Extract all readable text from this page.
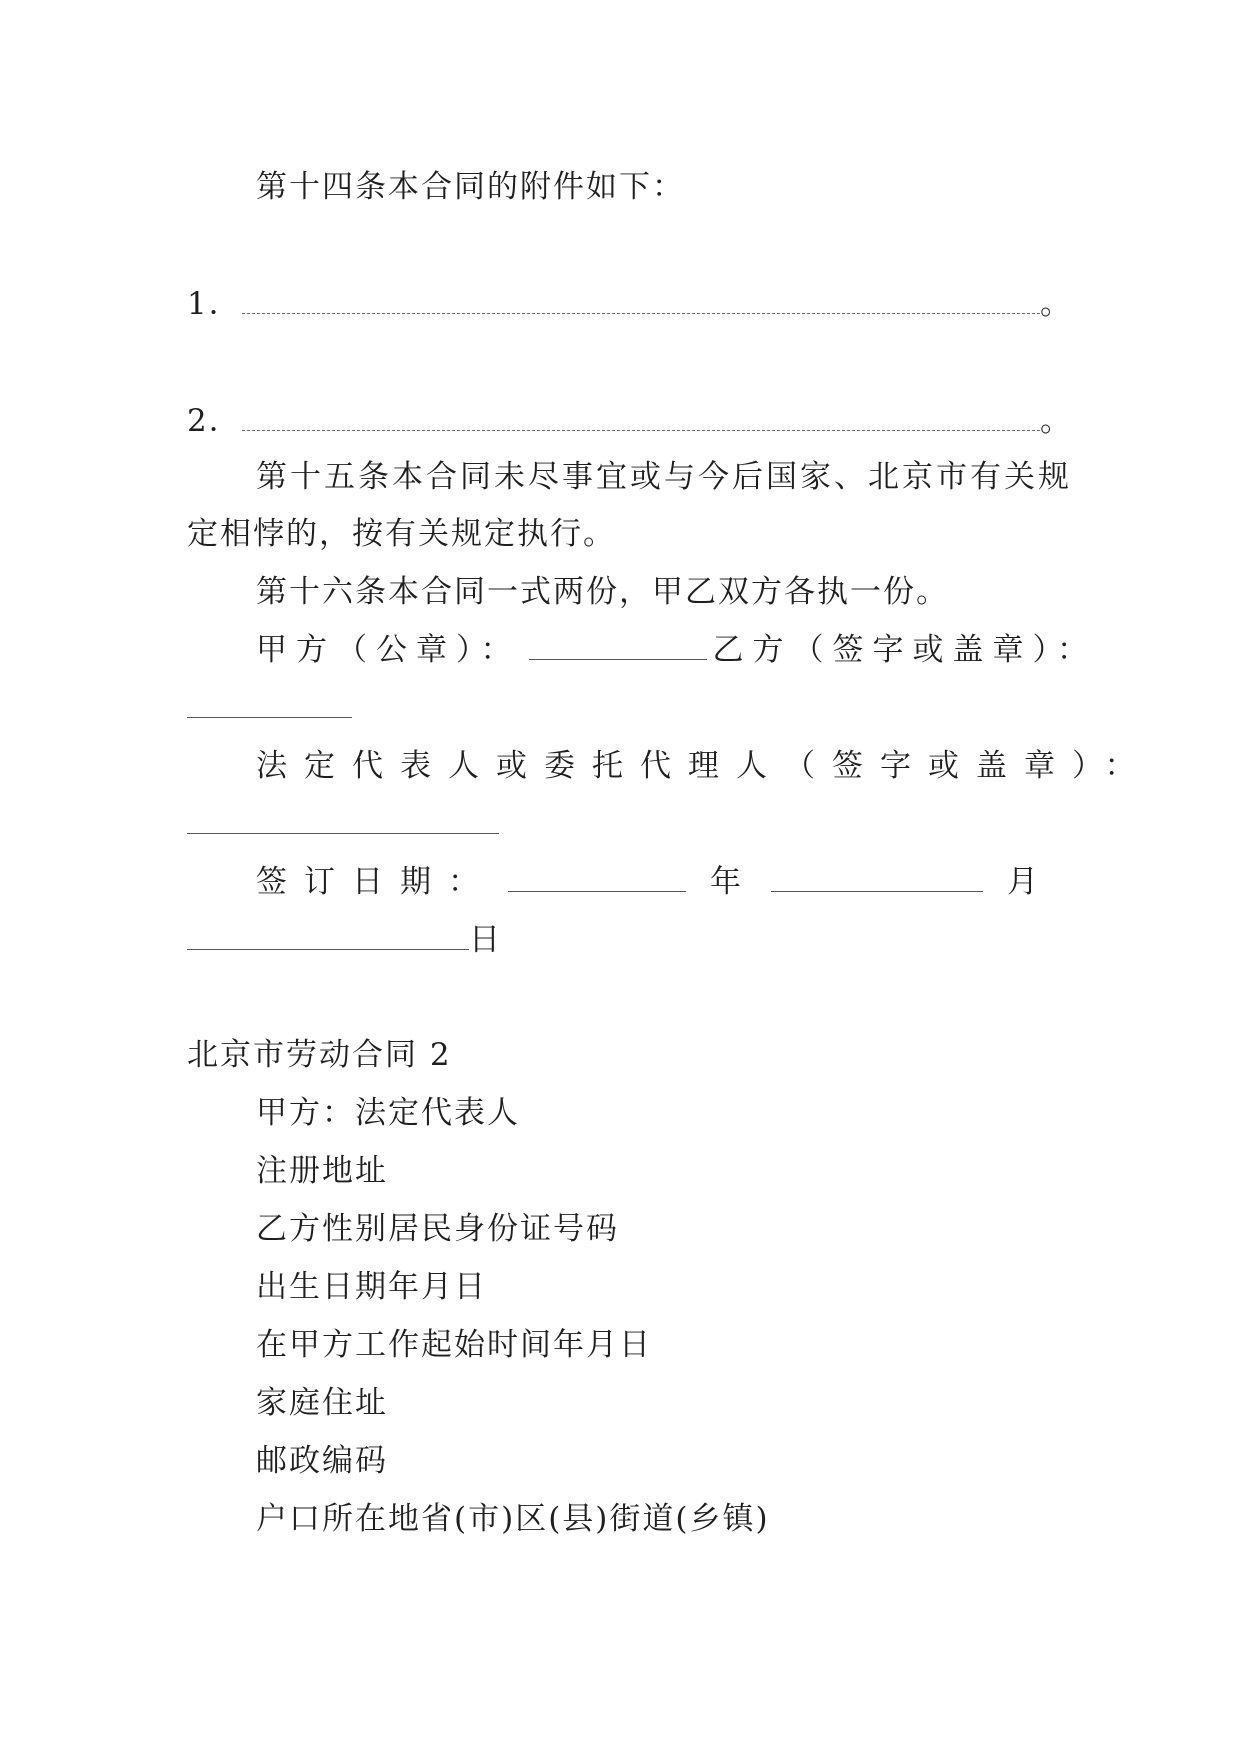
第十四条本合同的附件如下：
1．	。
2．	。
第十五条本合同未尽事宜或与今后国家、北京市有关规
定相悖的，按有关规定执行。
第十六条本合同一式两份，甲乙双方各执一份。
甲方（公章）：	乙方（签字或盖章）：
法定代表人或委托代理人（签字或盖章）：
签订日期：	年	月
日
北京市劳动合同 2
甲方：法定代表人
注册地址
乙方性别居民身份证号码
出生日期年月日
在甲方工作起始时间年月日
家庭住址
邮政编码
户口所在地省(市)区(县)街道(乡镇)
